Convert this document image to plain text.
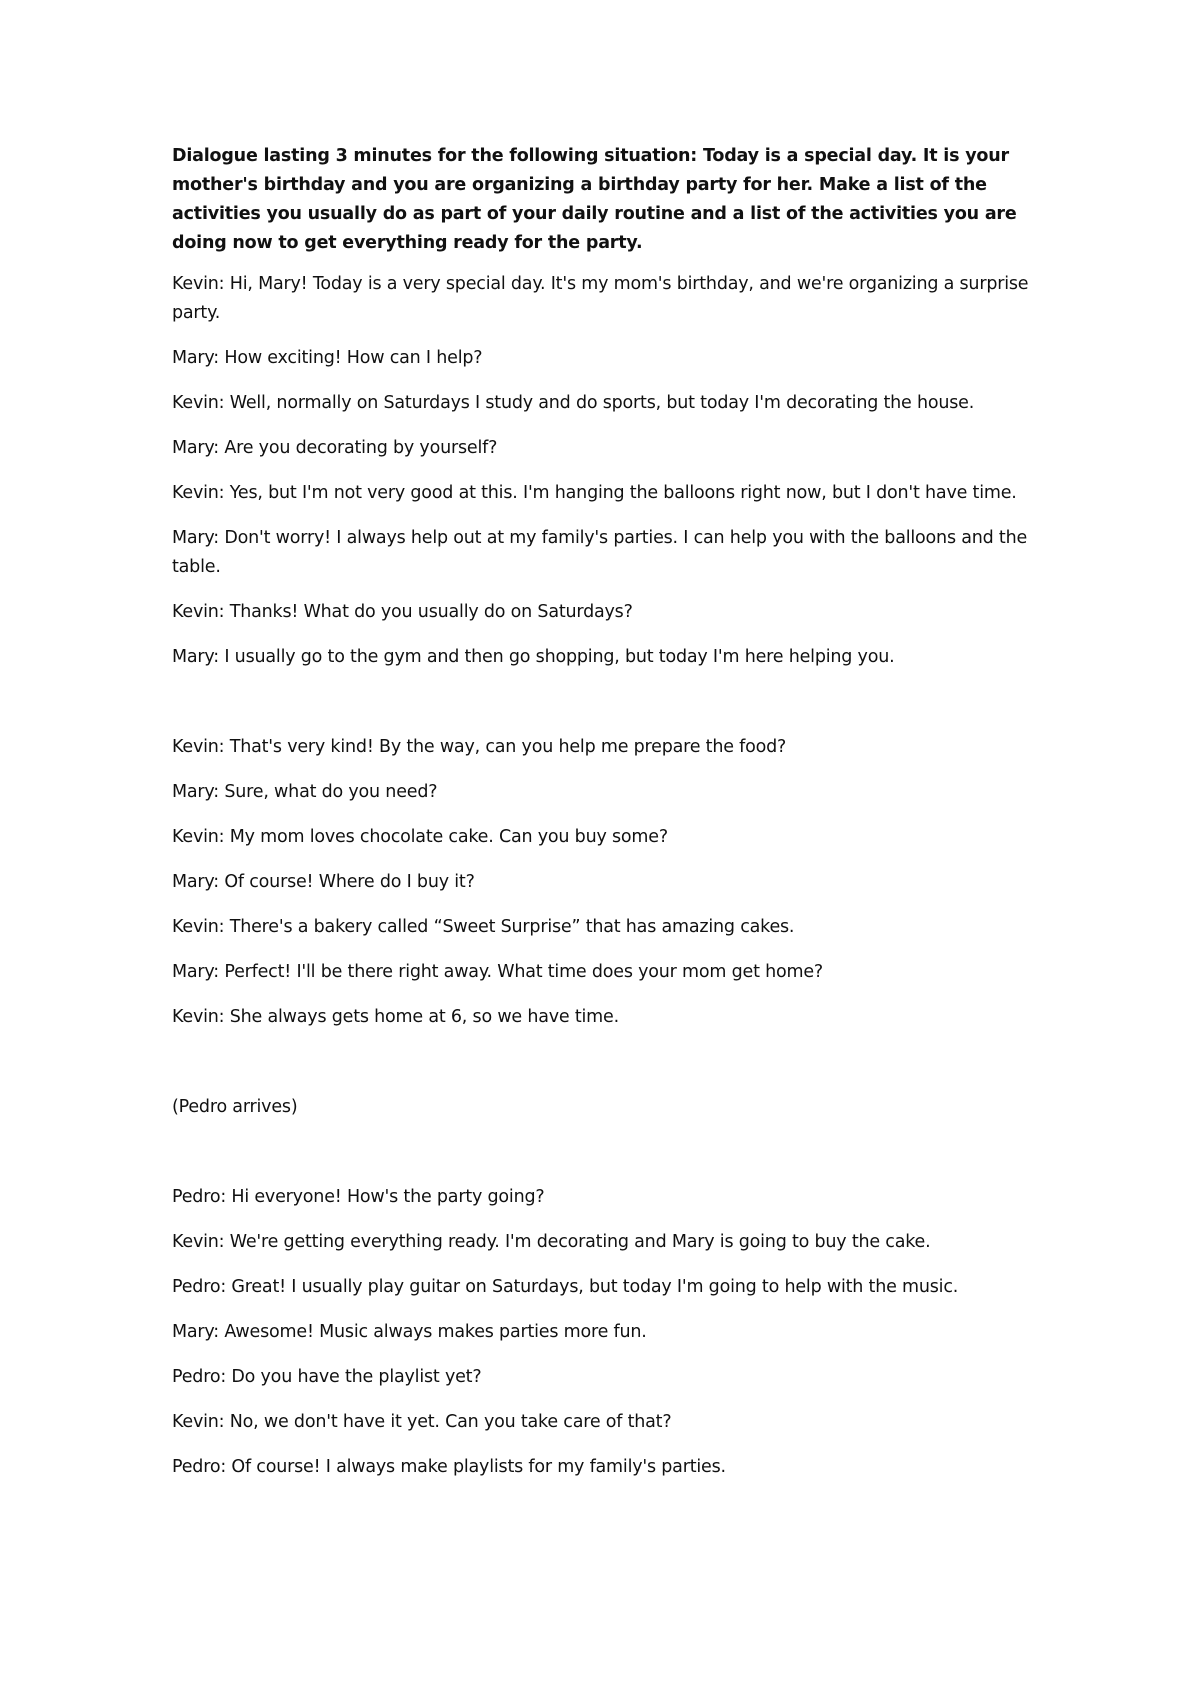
Dialogue lasting 3 minutes for the following situation: Today is a special day. It is your mother's birthday and you are organizing a birthday party for her. Make a list of the activities you usually do as part of your daily routine and a list of the activities you are doing now to get everything ready for the party.

Kevin: Hi, Mary! Today is a very special day. It's my mom's birthday, and we're organizing a surprise party.

Mary: How exciting! How can I help?

Kevin: Well, normally on Saturdays I study and do sports, but today I'm decorating the house.

Mary: Are you decorating by yourself?

Kevin: Yes, but I'm not very good at this. I'm hanging the balloons right now, but I don't have time.

Mary: Don't worry! I always help out at my family's parties. I can help you with the balloons and the table.

Kevin: Thanks! What do you usually do on Saturdays?

Mary: I usually go to the gym and then go shopping, but today I'm here helping you.

Kevin: That's very kind! By the way, can you help me prepare the food?

Mary: Sure, what do you need?

Kevin: My mom loves chocolate cake. Can you buy some?

Mary: Of course! Where do I buy it?

Kevin: There's a bakery called “Sweet Surprise” that has amazing cakes.

Mary: Perfect! I'll be there right away. What time does your mom get home?

Kevin: She always gets home at 6, so we have time.

(Pedro arrives)

Pedro: Hi everyone! How's the party going?

Kevin: We're getting everything ready. I'm decorating and Mary is going to buy the cake.

Pedro: Great! I usually play guitar on Saturdays, but today I'm going to help with the music.

Mary: Awesome! Music always makes parties more fun.

Pedro: Do you have the playlist yet?

Kevin: No, we don't have it yet. Can you take care of that?

Pedro: Of course! I always make playlists for my family's parties.
